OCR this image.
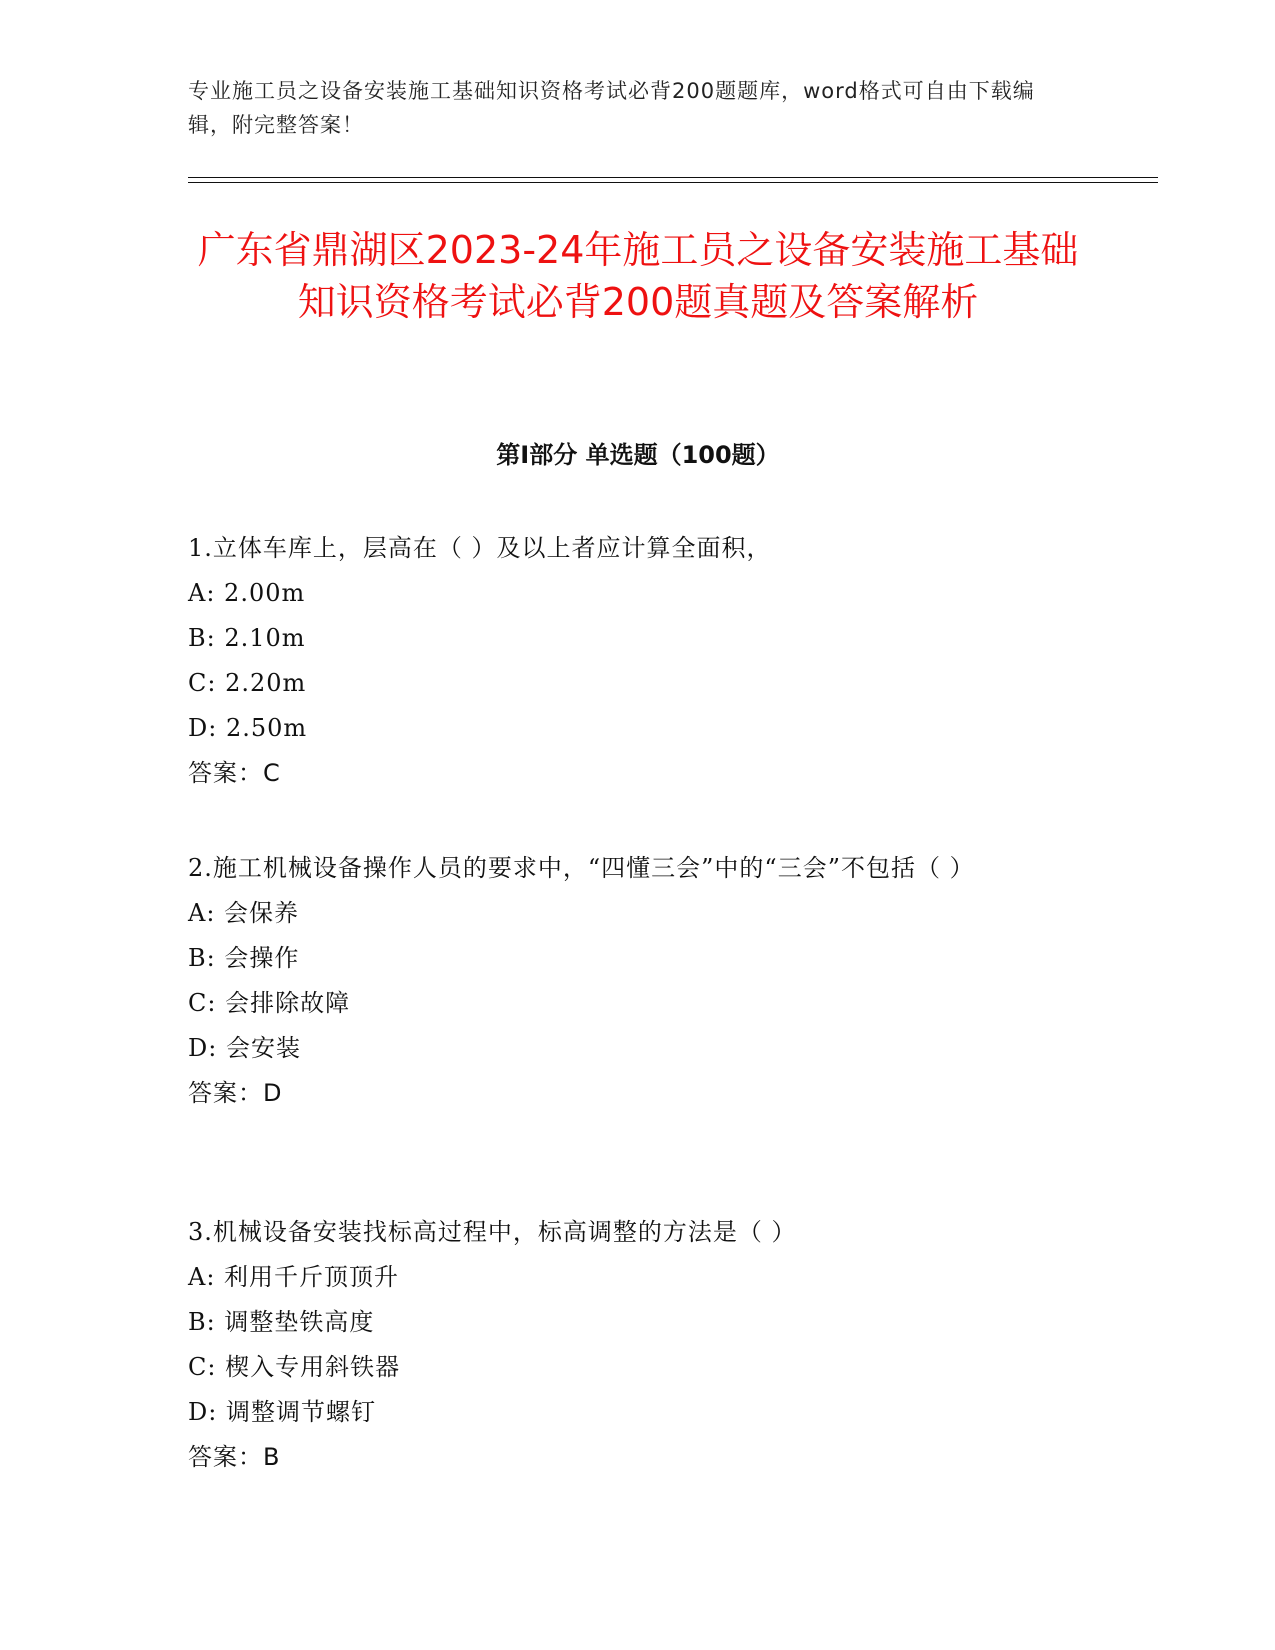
专业施工员之设备安装施工基础知识资格考试必背200题题库，word格式可自由下载编辑，附完整答案！
广东省鼎湖区2023-24年施工员之设备安装施工基础知识资格考试必背200题真题及答案解析
第I部分 单选题（100题）
1.立体车库上，层高在（ ）及以上者应计算全面积，
A: 2.00m
B: 2.10m
C: 2.20m
D: 2.50m
答案：C
2.施工机械设备操作人员的要求中，“四懂三会”中的“三会”不包括（ ）
A: 会保养
B: 会操作
C: 会排除故障
D: 会安装
答案：D
3.机械设备安装找标高过程中，标高调整的方法是（ ）
A: 利用千斤顶顶升
B: 调整垫铁高度
C: 楔入专用斜铁器
D: 调整调节螺钉
答案：B
